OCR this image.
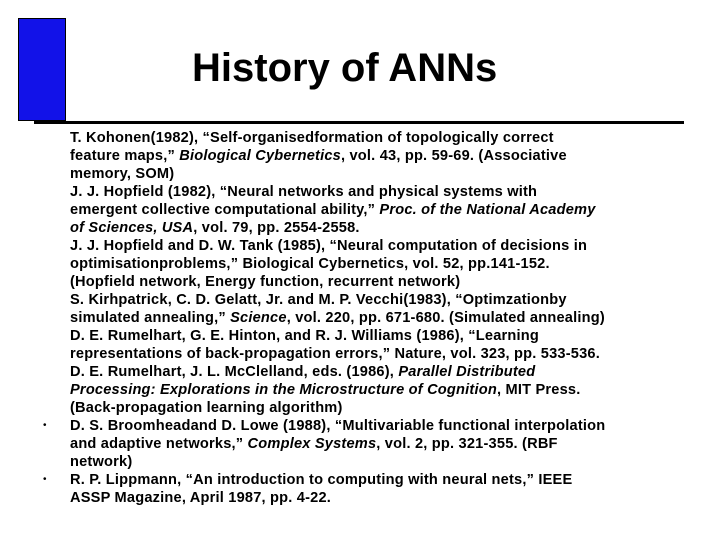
History of ANNs
T. Kohonen(1982), “Self-organisedformation of topologically correct
feature maps,” Biological Cybernetics, vol. 43, pp. 59-69. (Associative
memory, SOM)
J. J. Hopfield (1982), “Neural networks and physical systems with
emergent collective computational ability,” Proc. of the National Academy
of Sciences, USA, vol. 79, pp. 2554-2558.
J. J. Hopfield and D. W. Tank (1985), “Neural computation of decisions in
optimisationproblems,” Biological Cybernetics, vol. 52, pp.141-152.
(Hopfield network, Energy function, recurrent network)
S. Kirhpatrick, C. D. Gelatt, Jr. and M. P. Vecchi(1983), “Optimzationby
simulated annealing,” Science, vol. 220, pp. 671-680. (Simulated annealing)
D. E. Rumelhart, G. E. Hinton, and R. J. Williams (1986), “Learning
representations of back-propagation errors,” Nature, vol. 323, pp. 533-536.
D. E. Rumelhart, J. L. McClelland, eds. (1986), Parallel Distributed
Processing: Explorations in the Microstructure of Cognition, MIT Press.
(Back-propagation learning algorithm)
• D. S. Broomheadand D. Lowe (1988), “Multivariable functional interpolation
and adaptive networks,” Complex Systems, vol. 2, pp. 321-355. (RBF
network)
• R. P. Lippmann, “An introduction to computing with neural nets,” IEEE
ASSP Magazine, April 1987, pp. 4-22.
